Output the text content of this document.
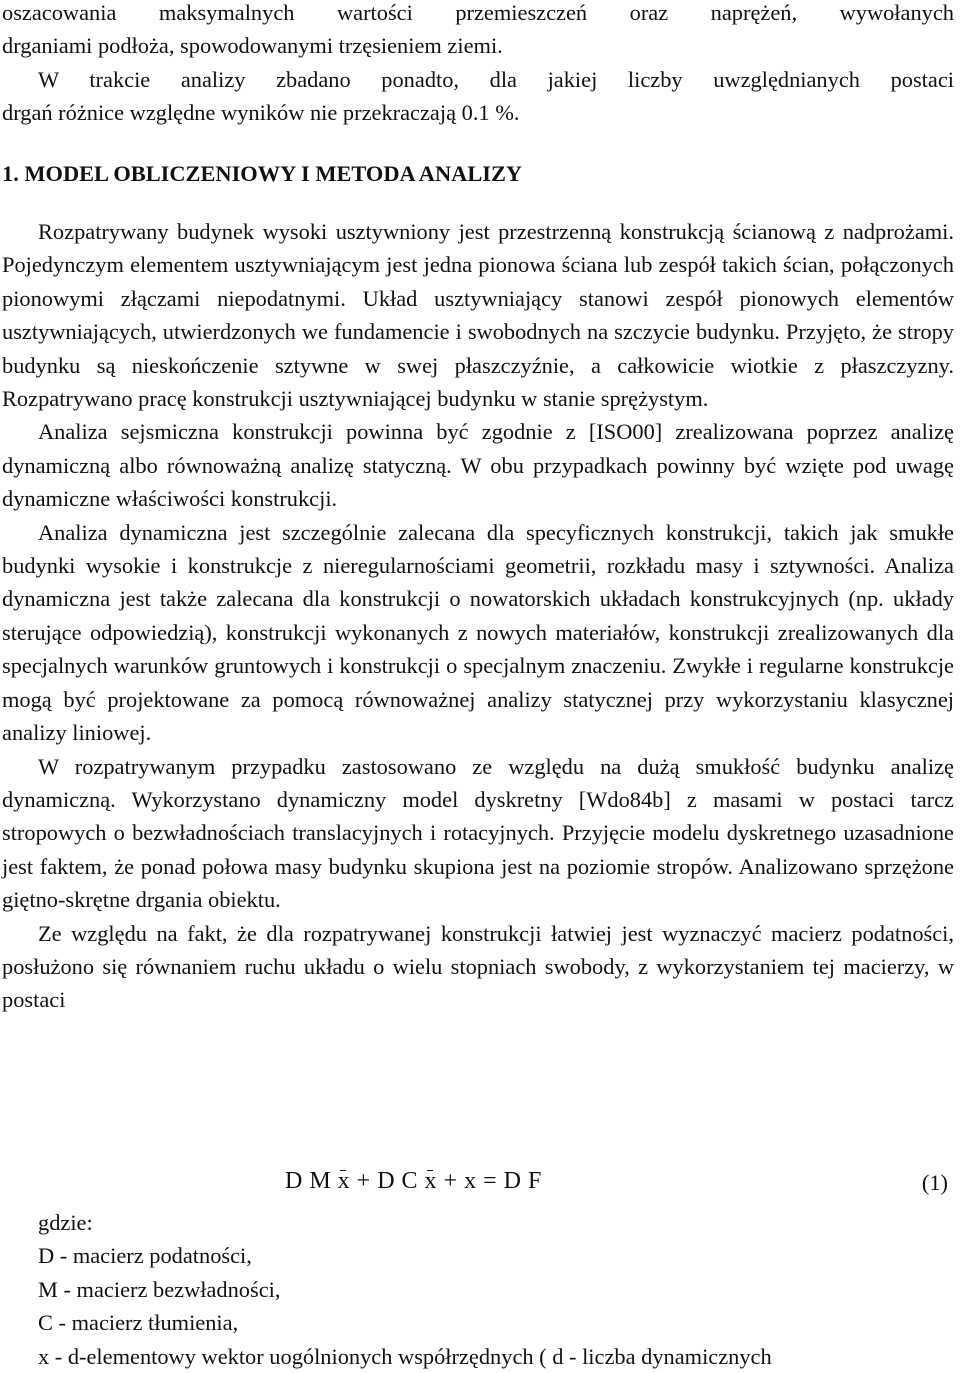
oszacowania maksymalnych wartości przemieszczeń oraz naprężeń, wywołanych

drganiami podłoża, spowodowanymi trzęsieniem ziemi.

W trakcie analizy zbadano ponadto, dla jakiej liczby uwzględnianych postaci

drgań różnice względne wyników nie przekraczają 0.1 %.

1. MODEL OBLICZENIOWY I METODA ANALIZY

Rozpatrywany budynek wysoki usztywniony jest przestrzenną konstrukcją ścianową z nadprożami. Pojedynczym elementem usztywniającym jest jedna pionowa ściana lub zespół takich ścian, połączonych pionowymi złączami niepodatnymi. Układ usztywniający stanowi zespół pionowych elementów usztywniających, utwierdzonych we fundamencie i swobodnych na szczycie budynku. Przyjęto, że stropy budynku są nieskończenie sztywne w swej płaszczyźnie, a całkowicie wiotkie z płaszczyzny. Rozpatrywano pracę konstrukcji usztywniającej budynku w stanie sprężystym.

Analiza sejsmiczna konstrukcji powinna być zgodnie z [ISO00] zrealizowana poprzez analizę dynamiczną albo równoważną analizę statyczną. W obu przypadkach powinny być wzięte pod uwagę dynamiczne właściwości konstrukcji.

Analiza dynamiczna jest szczególnie zalecana dla specyficznych konstrukcji, takich jak smukłe budynki wysokie i konstrukcje z nieregularnościami geometrii, rozkładu masy i sztywności. Analiza dynamiczna jest także zalecana dla konstrukcji o nowatorskich układach konstrukcyjnych (np. układy sterujące odpowiedzią), konstrukcji wykonanych z nowych materiałów, konstrukcji zrealizowanych dla specjalnych warunków gruntowych i konstrukcji o specjalnym znaczeniu. Zwykłe i regularne konstrukcje mogą być projektowane za pomocą równoważnej analizy statycznej przy wykorzystaniu klasycznej analizy liniowej.

W rozpatrywanym przypadku zastosowano ze względu na dużą smukłość budynku analizę dynamiczną. Wykorzystano dynamiczny model dyskretny [Wdo84b] z masami w postaci tarcz stropowych o bezwładnościach translacyjnych i rotacyjnych. Przyjęcie modelu dyskretnego uzasadnione jest faktem, że ponad połowa masy budynku skupiona jest na poziomie stropów. Analizowano sprzężone giętno-skrętne drgania obiektu.

Ze względu na fakt, że dla rozpatrywanej konstrukcji łatwiej jest wyznaczyć macierz podatności, posłużono się równaniem ruchu układu o wielu stopniach swobody, z wykorzystaniem tej macierzy, w postaci

D M x + D C x + x = D F	(1)

gdzie:

D - macierz podatności,

M - macierz bezwładności,

C - macierz tłumienia,

x - d-elementowy wektor uogólnionych współrzędnych ( d - liczba dynamicznych
